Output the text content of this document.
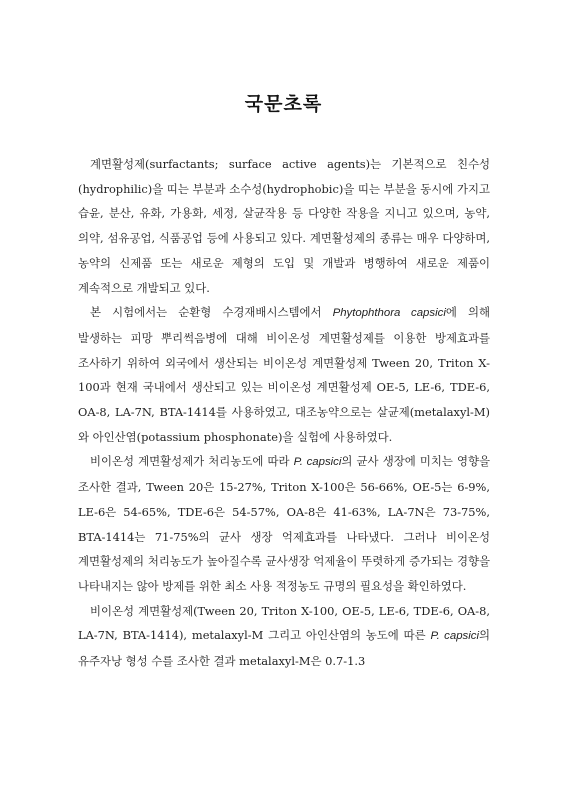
국문초록

계면활성제(surfactants; surface active agents)는 기본적으로 친수성(hydrophilic)을 띠는 부분과 소수성(hydrophobic)을 띠는 부분을 동시에 가지고 습윤, 분산, 유화, 가용화, 세정, 살균작용 등 다양한 작용을 지니고 있으며, 농약, 의약, 섬유공업, 식품공업 등에 사용되고 있다. 계면활성제의 종류는 매우 다양하며, 농약의 신제품 또는 새로운 제형의 도입 및 개발과 병행하여 새로운 제품이 계속적으로 개발되고 있다.

본 시험에서는 순환형 수경재배시스템에서 Phytophthora capsici에 의해 발생하는 피망 뿌리썩음병에 대해 비이온성 계면활성제를 이용한 방제효과를 조사하기 위하여 외국에서 생산되는 비이온성 계면활성제 Tween 20, Triton X-100과 현재 국내에서 생산되고 있는 비이온성 계면활성제 OE-5, LE-6, TDE-6, OA-8, LA-7N, BTA-1414를 사용하였고, 대조농약으로는 살균제(metalaxyl-M)와 아인산염(potassium phosphonate)을 실험에 사용하였다.

비이온성 계면활성제가 처리농도에 따라 P. capsici의 균사 생장에 미치는 영향을 조사한 결과, Tween 20은 15-27%, Triton X-100은 56-66%, OE-5는 6-9%, LE-6은 54-65%, TDE-6은 54-57%, OA-8은 41-63%, LA-7N은 73-75%, BTA-1414는 71-75%의 균사 생장 억제효과를 나타냈다. 그러나 비이온성 계면활성제의 처리농도가 높아질수록 균사생장 억제율이 뚜렷하게 증가되는 경향을 나타내지는 않아 방제를 위한 최소 사용 적정농도 규명의 필요성을 확인하였다.

비이온성 계면활성제(Tween 20, Triton X-100, OE-5, LE-6, TDE-6, OA-8, LA-7N, BTA-1414), metalaxyl-M 그리고 아인산염의 농도에 따른 P. capsici의 유주자낭 형성 수를 조사한 결과 metalaxyl-M은 0.7-1.3
